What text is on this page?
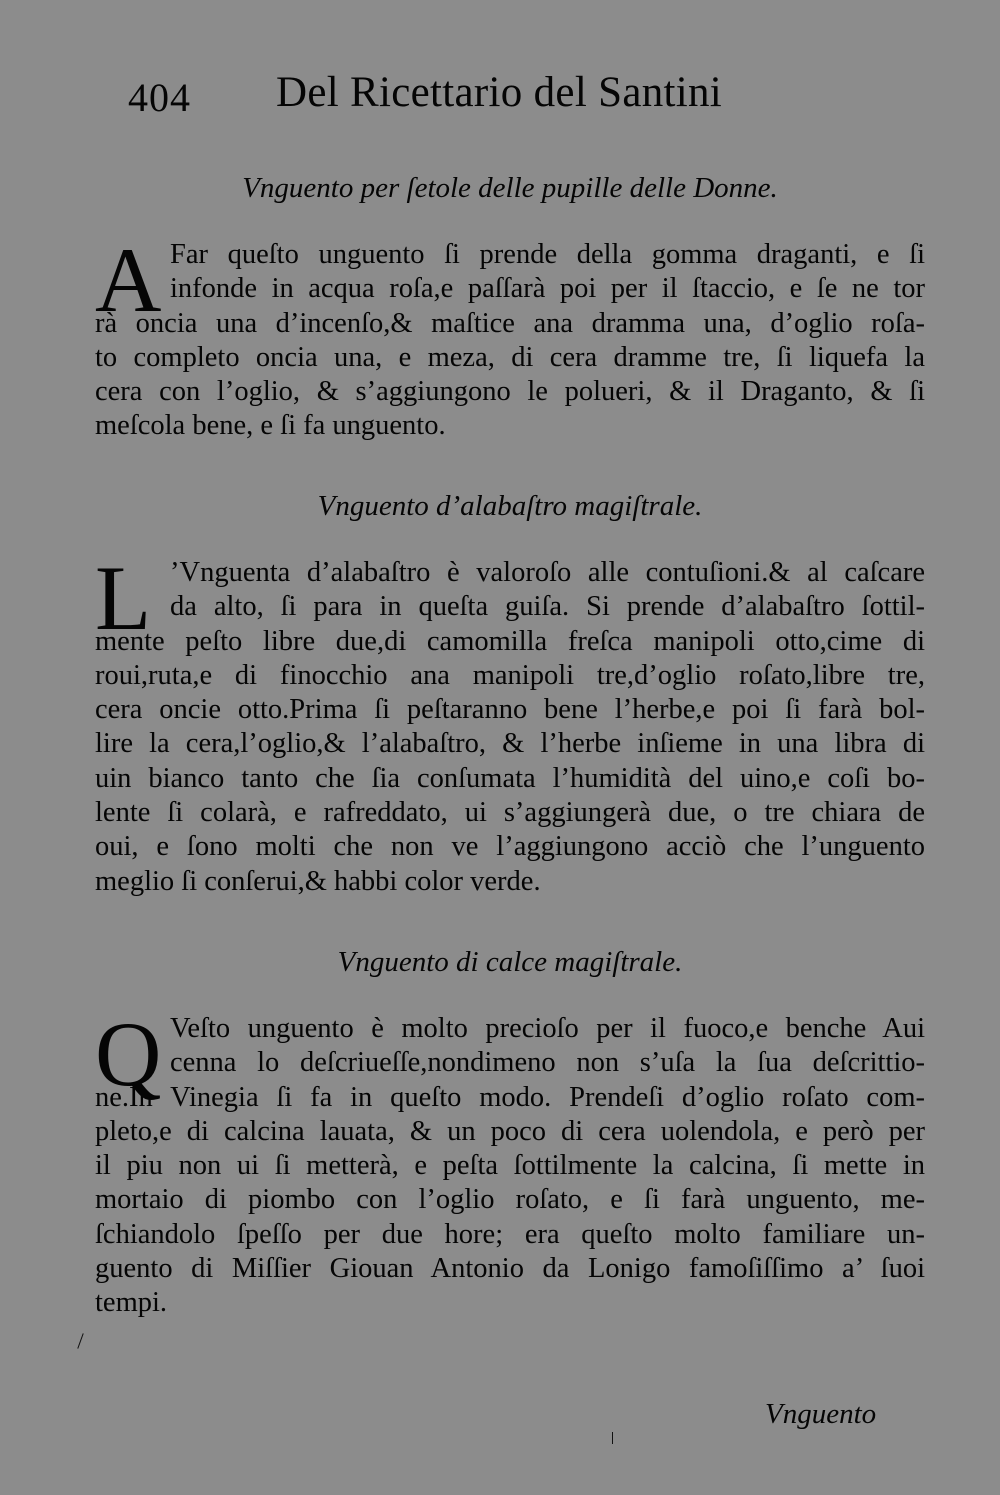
404 Del Ricettario del Santini

Vnguento per ſetole delle pupille delle Donne.

A Far queſto unguento ſi prende della gomma draganti, e ſi
infonde in acqua roſa,e paſſarà poi per il ſtaccio, e ſe ne tor
rà oncia una d’incenſo,& maſtice ana dramma una, d’oglio roſa-
to completo oncia una, e meza, di cera dramme tre, ſi liquefa la
cera con l’oglio, & s’aggiungono le polueri, & il Draganto, & ſi
meſcola bene, e ſi fa unguento.

Vnguento d’alabaſtro magiſtrale.

L ’Vnguenta d’alabaſtro è valoroſo alle contuſioni.& al caſcare
da alto, ſi para in queſta guiſa. Si prende d’alabaſtro ſottil-
mente peſto libre due,di camomilla freſca manipoli otto,cime di
roui,ruta,e di finocchio ana manipoli tre,d’oglio roſato,libre tre,
cera oncie otto.Prima ſi peſtaranno bene l’herbe,e poi ſi farà bol-
lire la cera,l’oglio,& l’alabaſtro, & l’herbe inſieme in una libra di
uin bianco tanto che ſia conſumata l’humidità del uino,e coſi bo-
lente ſi colarà, e rafreddato, ui s’aggiungerà due, o tre chiara de
oui, e ſono molti che non ve l’aggiungono acciò che l’unguento
meglio ſi conſerui,& habbi color verde.

Vnguento di calce magiſtrale.

Q Veſto unguento è molto precioſo per il fuoco,e benche Aui
cenna lo deſcriueſſe,nondimeno non s’uſa la ſua deſcrittio-
ne.In Vinegia ſi fa in queſto modo. Prendeſi d’oglio roſato com-
pleto,e di calcina lauata, & un poco di cera uolendola, e però per
il piu non ui ſi metterà, e peſta ſottilmente la calcina, ſi mette in
mortaio di piombo con l’oglio roſato, e ſi farà unguento, me-
ſchiandolo ſpeſſo per due hore; era queſto molto familiare un-
guento di Miſſier Giouan Antonio da Lonigo famoſiſſimo a’ ſuoi
tempi.
Vnguento
